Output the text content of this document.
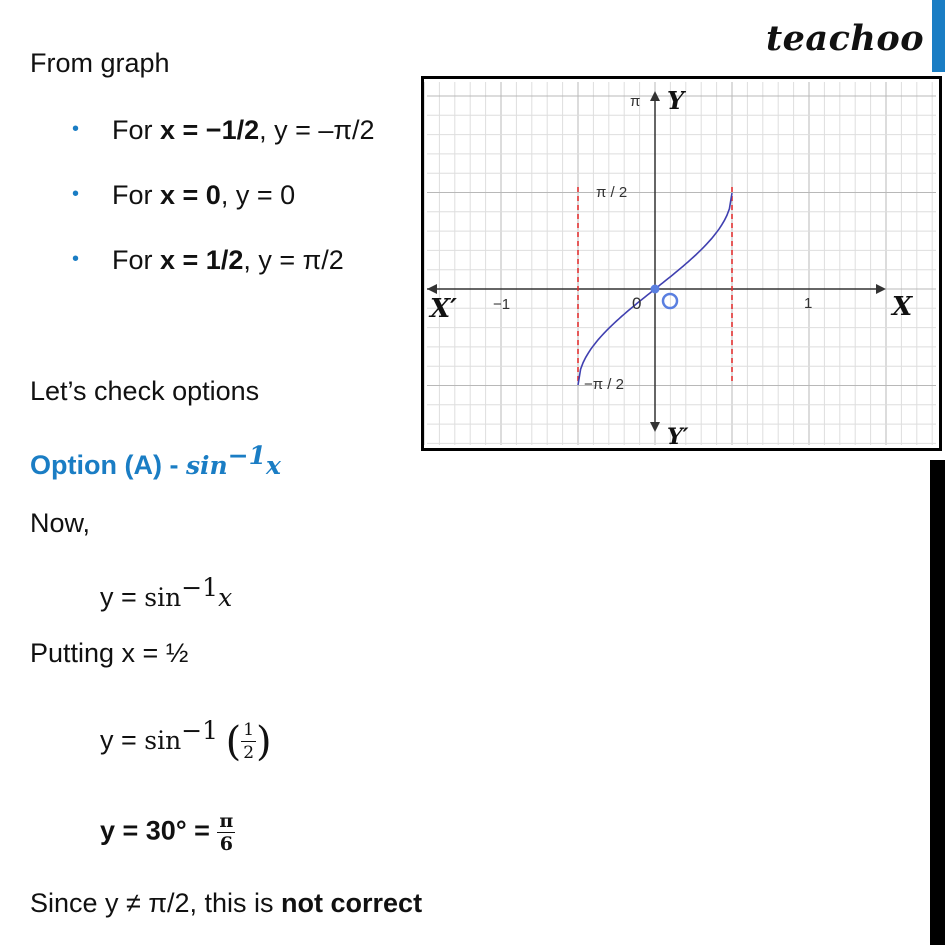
teachoo
From graph
• For x = −1/2, y = –π/2
• For x = 0, y = 0
• For x = 1/2, y = π/2
Let’s check options
Option $(A) - \sin^{-1}x$
Now,
$y = \sin^{-1}x$
Putting x = ½
$y = \sin^{-1}$ ( $\frac{1}{2}$ )
$y = 30^\circ = \frac{\pi}{6}$
Since y ≠ π/2, this is not correct
X′	X
Y
Y′
−1	1
0
π
π / 2
−π / 2
